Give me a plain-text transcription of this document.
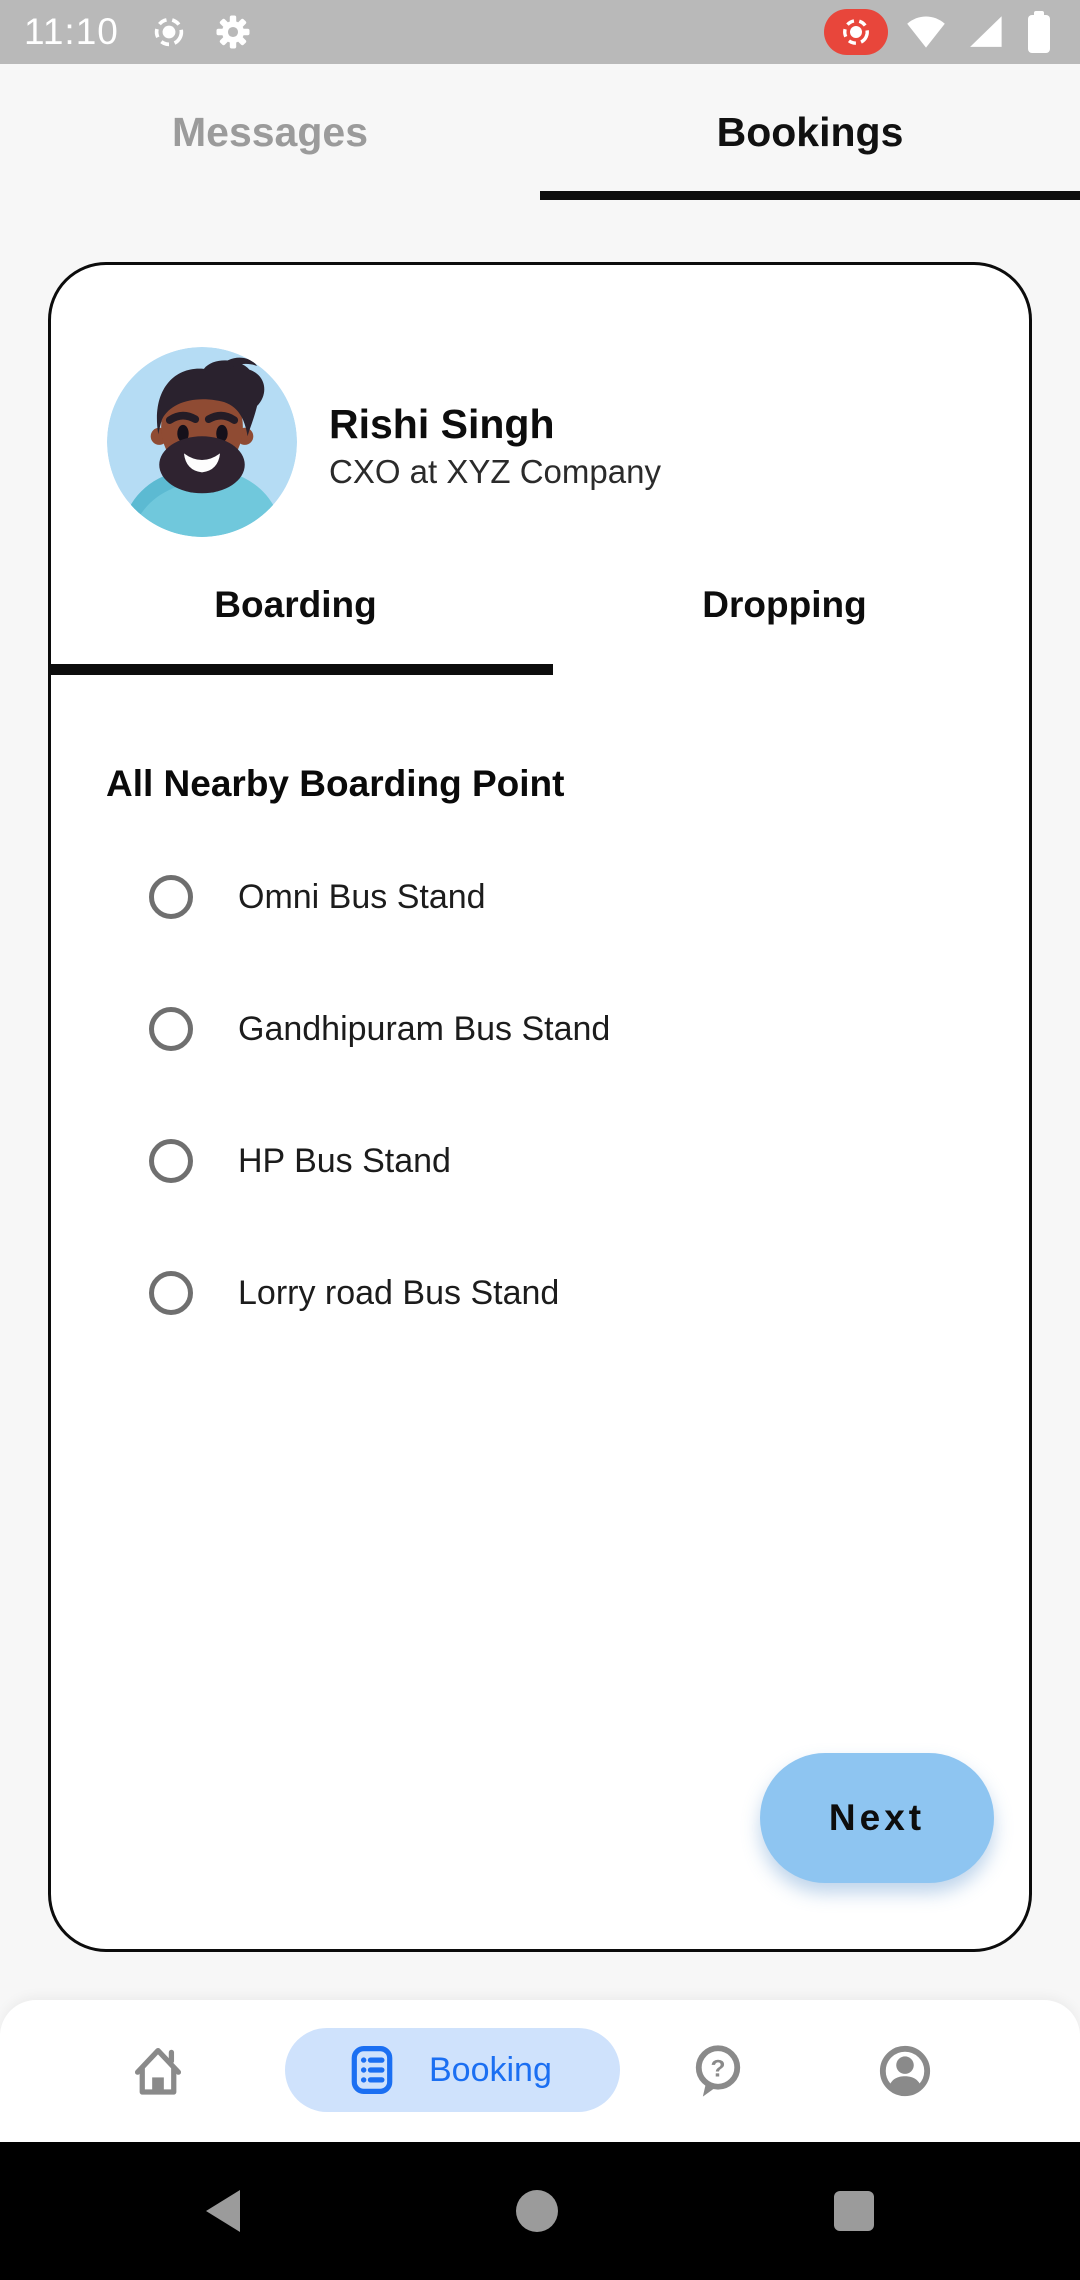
11:10
Messages	Bookings
Rishi Singh
CXO at XYZ Company
Boarding	Dropping
All Nearby Boarding Point
Omni Bus Stand
Gandhipuram Bus Stand
HP Bus Stand
Lorry road Bus Stand
Next
Booking	?
